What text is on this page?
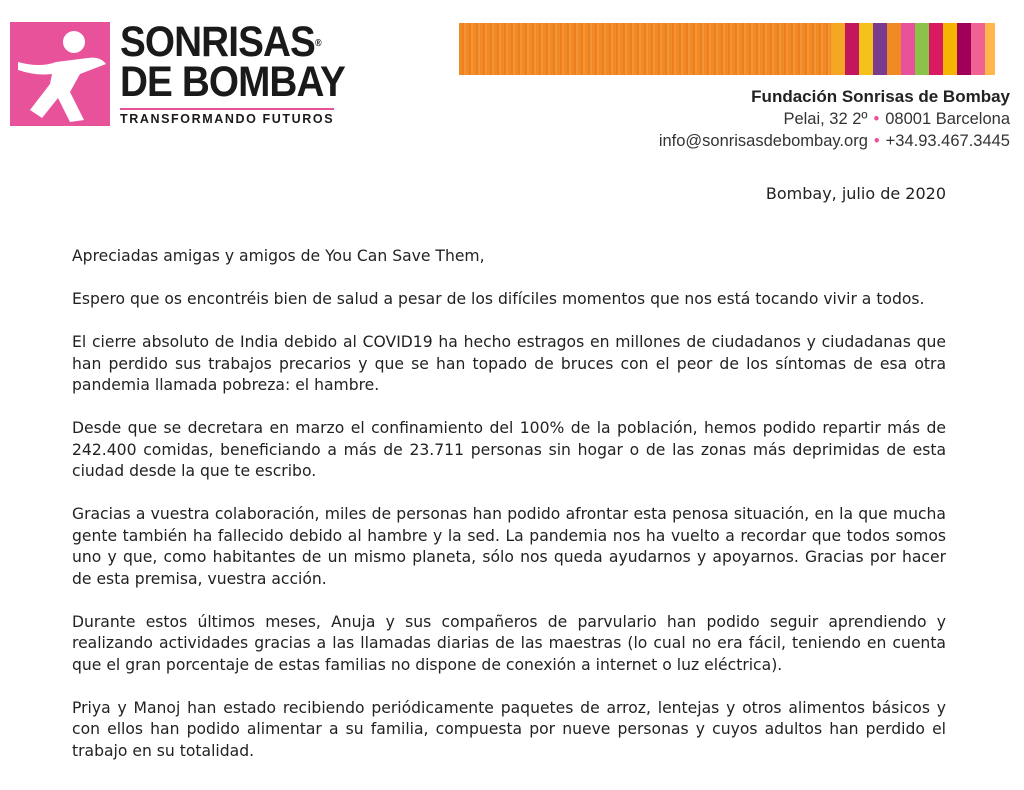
SONRISAS®
DE BOMBAY
TRANSFORMANDO FUTUROS
Fundación Sonrisas de Bombay
Pelai, 32 2º • 08001 Barcelona
info@sonrisasdebombay.org • +34.93.467.3445
Bombay, julio de 2020

Apreciadas amigas y amigos de You Can Save Them,

Espero que os encontréis bien de salud a pesar de los difíciles momentos que nos está tocando vivir a todos.

El cierre absoluto de India debido al COVID19 ha hecho estragos en millones de ciudadanos y ciudadanas que han perdido sus trabajos precarios y que se han topado de bruces con el peor de los síntomas de esa otra pandemia llamada pobreza: el hambre.

Desde que se decretara en marzo el confinamiento del 100% de la población, hemos podido repartir más de 242.400 comidas, beneficiando a más de 23.711 personas sin hogar o de las zonas más deprimidas de esta ciudad desde la que te escribo.

Gracias a vuestra colaboración, miles de personas han podido afrontar esta penosa situación, en la que mucha gente también ha fallecido debido al hambre y la sed. La pandemia nos ha vuelto a recordar que todos somos uno y que, como habitantes de un mismo planeta, sólo nos queda ayudarnos y apoyarnos. Gracias por hacer de esta premisa, vuestra acción.

Durante estos últimos meses, Anuja y sus compañeros de parvulario han podido seguir aprendiendo y realizando actividades gracias a las llamadas diarias de las maestras (lo cual no era fácil, teniendo en cuenta que el gran porcentaje de estas familias no dispone de conexión a internet o luz eléctrica).

Priya y Manoj han estado recibiendo periódicamente paquetes de arroz, lentejas y otros alimentos básicos y con ellos han podido alimentar a su familia, compuesta por nueve personas y cuyos adultos han perdido el trabajo en su totalidad.
